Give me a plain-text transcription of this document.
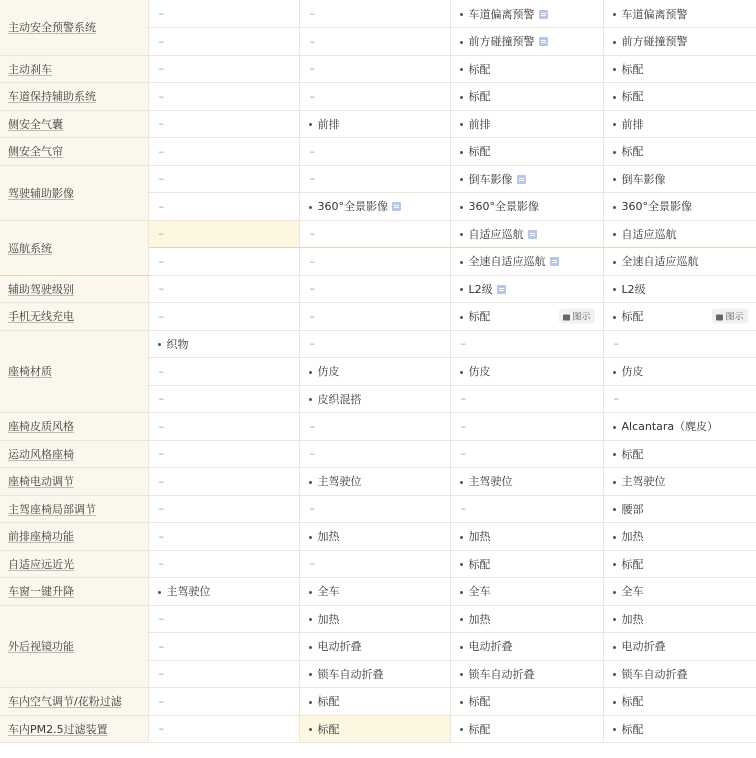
主动安全预警系统	–	–	车道偏离预警	车道偏离预警
	–	–	前方碰撞预警	前方碰撞预警
主动刹车	–	–	标配	标配
车道保持辅助系统	–	–	标配	标配
侧安全气囊	–	前排	前排	前排
侧安全气帘	–	–	标配	标配
驾驶辅助影像	–	–	倒车影像	倒车影像
	–	360°全景影像	360°全景影像	360°全景影像
巡航系统	–	–	自适应巡航	自适应巡航
	–	–	全速自适应巡航	全速自适应巡航
辅助驾驶级别	–	–	L2级	L2级
手机无线充电	–	–	标配 图示	标配 图示

座椅材质	织物	–	–	–
	–	仿皮	仿皮	仿皮
	–	皮织混搭	–	–
座椅皮质风格	–	–	–	Alcantara（麂皮）
运动风格座椅	–	–	–	标配
座椅电动调节	–	主驾驶位	主驾驶位	主驾驶位
主驾座椅局部调节	–	–	–	腰部
前排座椅功能	–	加热	加热	加热
自适应远近光	–	–	标配	标配
车窗一键升降	主驾驶位	全车	全车	全车
外后视镜功能	–	加热	加热	加热
	–	电动折叠	电动折叠	电动折叠
	–	锁车自动折叠	锁车自动折叠	锁车自动折叠
车内空气调节/花粉过滤	–	标配	标配	标配
车内PM2.5过滤装置	–	标配	标配	标配
